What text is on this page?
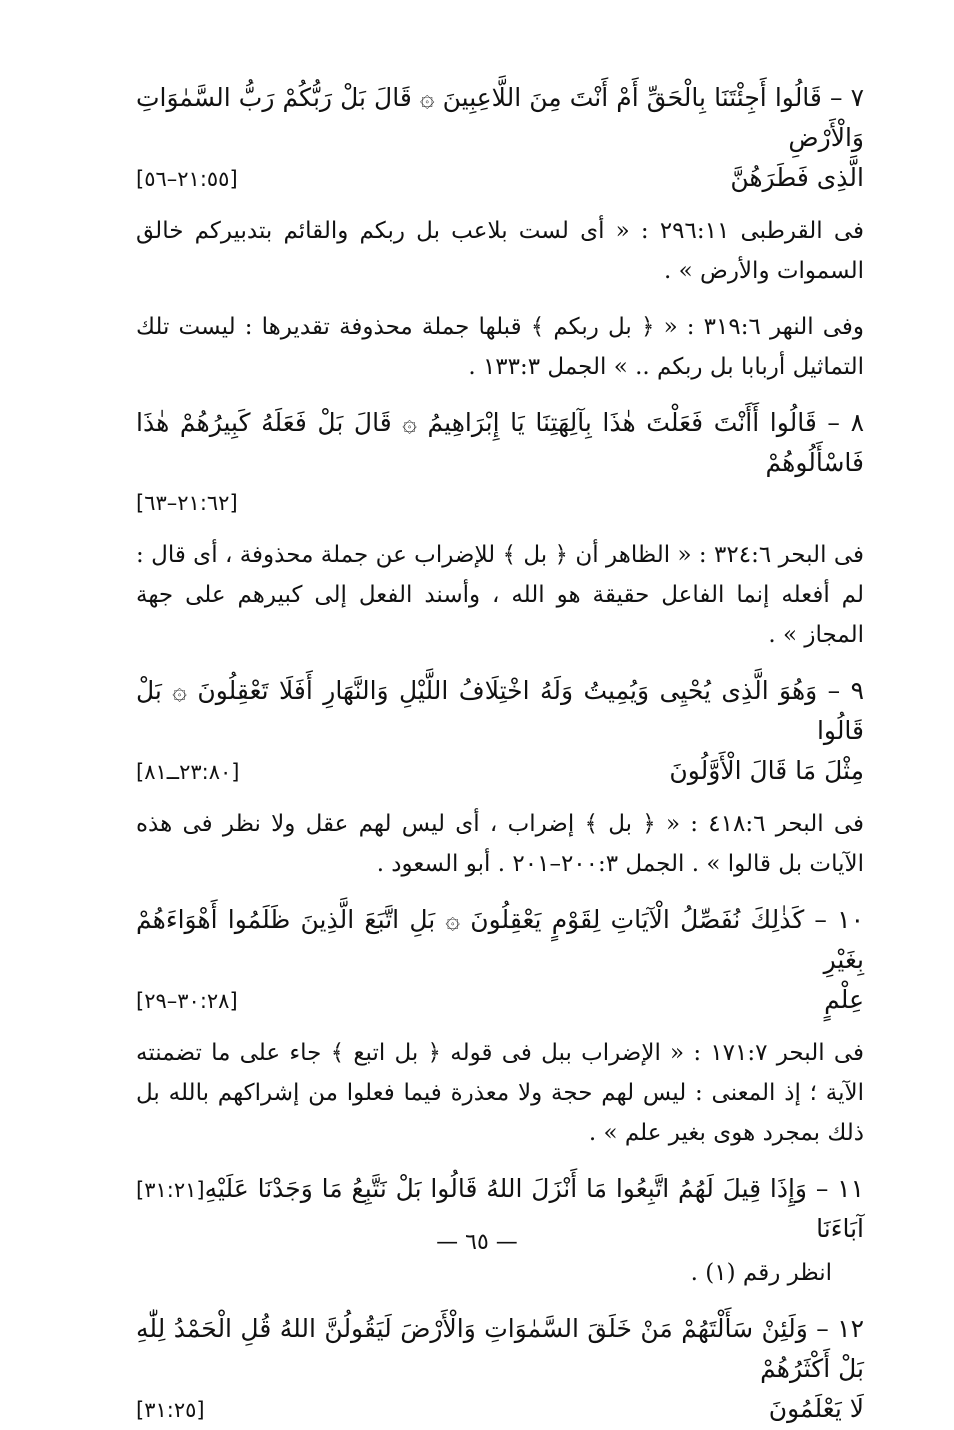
٧ – قَالُوا أَجِئْتَنَا بِالْحَقِّ أَمْ أَنْتَ مِنَ اللَّاعِبِينَ ۞ قَالَ بَلْ رَبُّكُمْ رَبُّ السَّمٰوَاتِ وَالْأَرْضِ

الَّذِى فَطَرَهُنَّ
[٢١:٥٥–٥٦]

فى القرطبى ٢٩٦:١١ : « أى لست بلاعب بل ربكم والقائم بتدبيركم خالق السموات والأرض » .

وفى النهر ٣١٩:٦ : « ﴿ بل ربكم ﴾ قبلها جملة محذوفة تقديرها : ليست تلك التماثيل أربابا بل ربكم .. » الجمل ١٣٣:٣ .

٨ – قَالُوا أَأَنْتَ فَعَلْتَ هٰذَا بِآلِهَتِنَا يَا إِبْرَاهِيمُ ۞ قَالَ بَلْ فَعَلَهُ كَبِيرُهُمْ هٰذَا فَاسْأَلُوهُمْ

[٢١:٦٢–٦٣]

فى البحر ٣٢٤:٦ : « الظاهر أن ﴿ بل ﴾ للإضراب عن جملة محذوفة ، أى قال : لم أفعله إنما الفاعل حقيقة هو الله ، وأسند الفعل إلى كبيرهم على جهة المجاز » .

٩ – وَهُوَ الَّذِى يُحْيِى وَيُمِيتُ وَلَهُ اخْتِلَافُ اللَّيْلِ وَالنَّهَارِ أَفَلَا تَعْقِلُونَ ۞ بَلْ قَالُوا

مِثْلَ مَا قَالَ الْأَوَّلُونَ
[٢٣:٨٠ــ٨١]

فى البحر ٤١٨:٦ : « ﴿ بل ﴾ إضراب ، أى ليس لهم عقل ولا نظر فى هذه الآيات بل قالوا » . الجمل ٢٠٠:٣–٢٠١ . أبو السعود .

١٠ – كَذٰلِكَ نُفَصِّلُ الْآيَاتِ لِقَوْمٍ يَعْقِلُونَ ۞ بَلِ اتَّبَعَ الَّذِينَ ظَلَمُوا أَهْوَاءَهُمْ بِغَيْرِ

عِلْمٍ
[٣٠:٢٨–٢٩]

فى البحر ١٧١:٧ : « الإضراب ببل فى قوله ﴿ بل اتبع ﴾ جاء على ما تضمنته الآية ؛ إذ المعنى : ليس لهم حجة ولا معذرة فيما فعلوا من إشراكهم بالله بل ذلك بمجرد هوى بغير علم » .

١١ – وَإِذَا قِيلَ لَهُمُ اتَّبِعُوا مَا أَنْزَلَ اللهُ قَالُوا بَلْ نَتَّبِعُ مَا وَجَدْنَا عَلَيْهِ آبَاءَنَا
[٣١:٢١]

انظر رقم (١) .

١٢ – وَلَئِنْ سَأَلْتَهُمْ مَنْ خَلَقَ السَّمٰوَاتِ وَالْأَرْضَ لَيَقُولُنَّ اللهُ قُلِ الْحَمْدُ لِلّٰهِ بَلْ أَكْثَرُهُمْ

لَا يَعْلَمُونَ
[٣١:٢٥]
— ٦٥ —
